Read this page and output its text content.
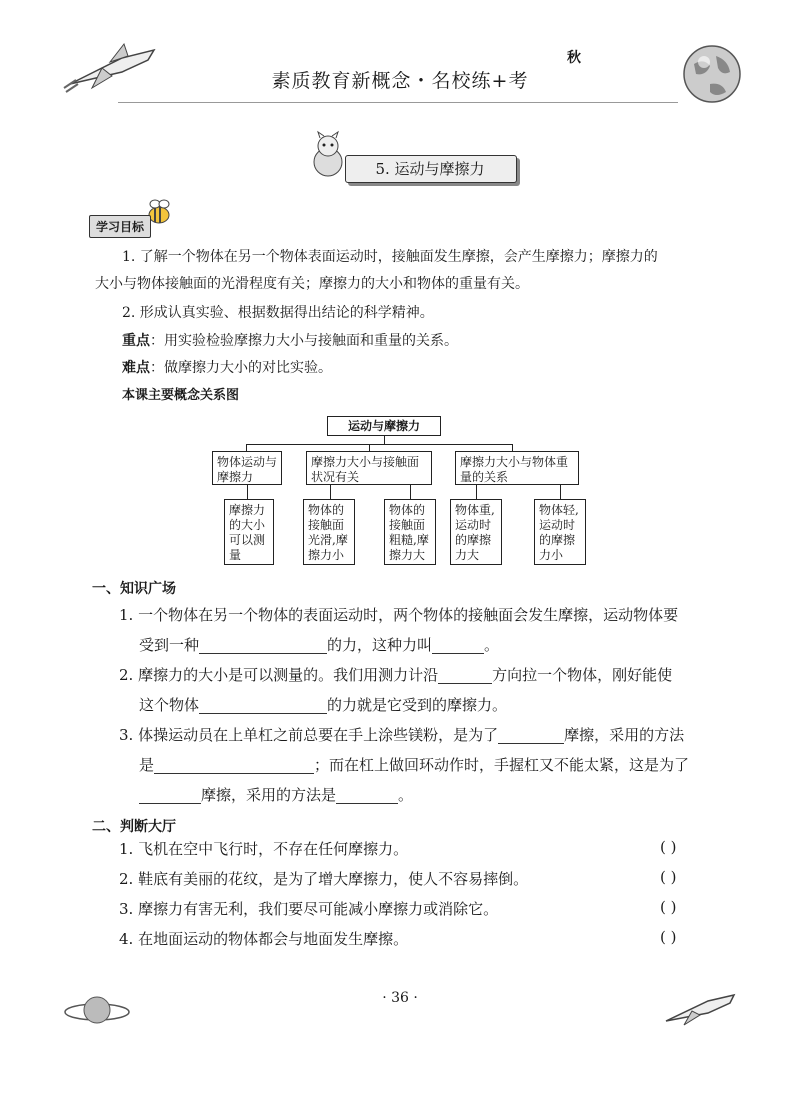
秋
素质教育新概念・名校练+考
5. 运动与摩擦力
学习目标
1. 了解一个物体在另一个物体表面运动时，接触面发生摩擦，会产生摩擦力；摩擦力的
大小与物体接触面的光滑程度有关；摩擦力的大小和物体的重量有关。
2. 形成认真实验、根据数据得出结论的科学精神。
重点：用实验检验摩擦力大小与接触面和重量的关系。
难点：做摩擦力大小的对比实验。
本课主要概念关系图
运动与摩擦力
物体运动与摩擦力
摩擦力大小与接触面状况有关
摩擦力大小与物体重量的关系
摩擦力的大小可以测量
物体的接触面光滑,摩擦力小
物体的接触面粗糙,摩擦力大
物体重,运动时的摩擦力大
物体轻,运动时的摩擦力小
一、知识广场
1. 一个物体在另一个物体的表面运动时，两个物体的接触面会发生摩擦，运动物体要
受到一种	的力，这种力叫	。
2. 摩擦力的大小是可以测量的。我们用测力计沿	方向拉一个物体，刚好能使
这个物体	的力就是它受到的摩擦力。
3. 体操运动员在上单杠之前总要在手上涂些镁粉，是为了	摩擦，采用的方法
是	；而在杠上做回环动作时，手握杠又不能太紧，这是为了
摩擦，采用的方法是	。
二、判断大厅
1. 飞机在空中飞行时，不存在任何摩擦力。	( )
2. 鞋底有美丽的花纹，是为了增大摩擦力，使人不容易摔倒。	( )
3. 摩擦力有害无利，我们要尽可能减小摩擦力或消除它。	( )
4. 在地面运动的物体都会与地面发生摩擦。	( )
· 36 ·
